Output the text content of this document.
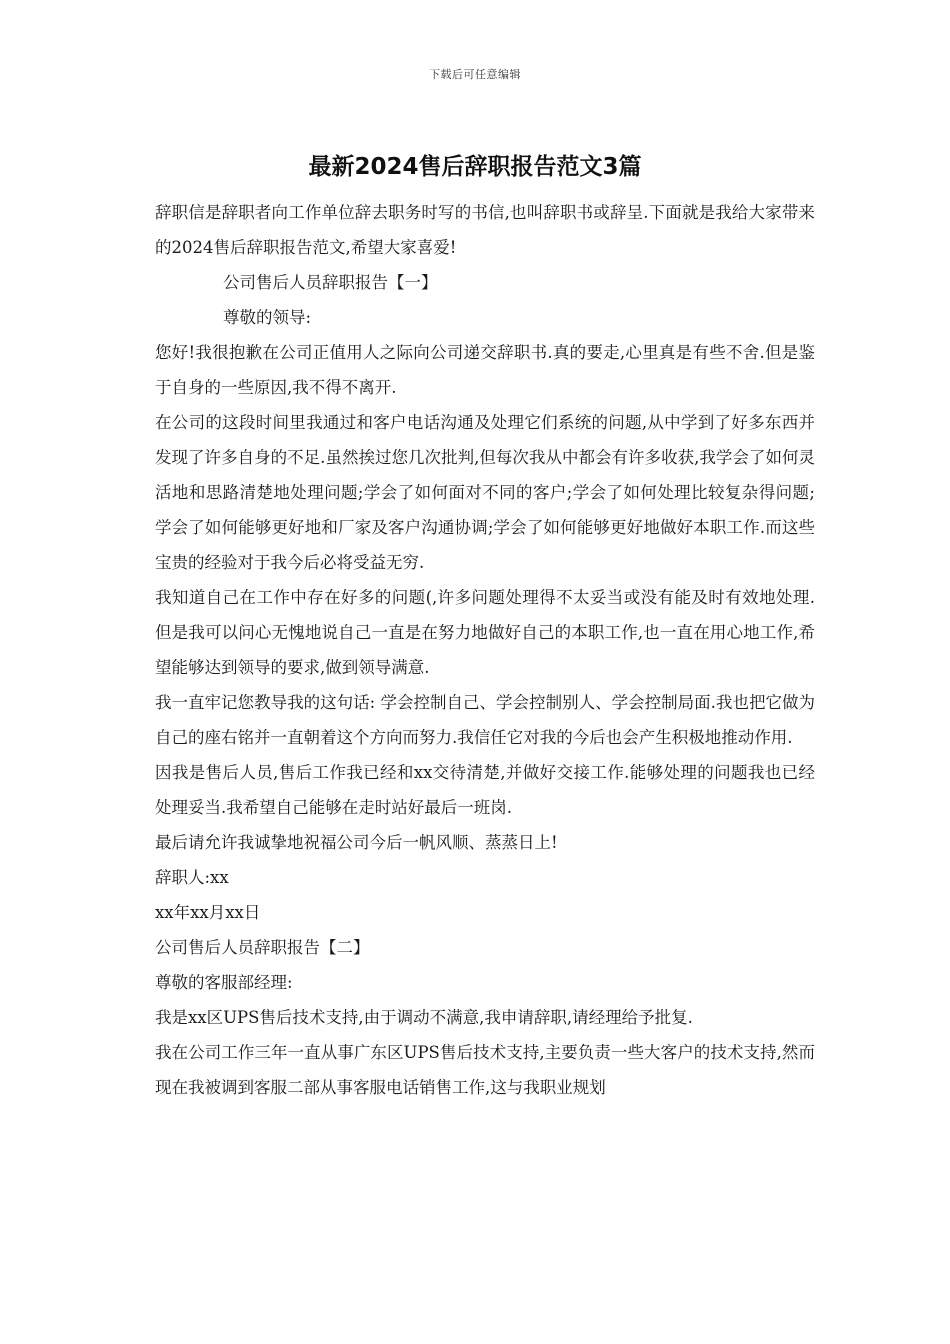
下载后可任意编辑
最新2024售后辞职报告范文3篇

辞职信是辞职者向工作单位辞去职务时写的书信,也叫辞职书或辞呈.下面就是我给大家带来的2024售后辞职报告范文,希望大家喜爱!

公司售后人员辞职报告【一】

尊敬的领导:

您好!我很抱歉在公司正值用人之际向公司递交辞职书.真的要走,心里真是有些不舍.但是鉴于自身的一些原因,我不得不离开.

在公司的这段时间里我通过和客户电话沟通及处理它们系统的问题,从中学到了好多东西并发现了许多自身的不足.虽然挨过您几次批判,但每次我从中都会有许多收获,我学会了如何灵活地和思路清楚地处理问题;学会了如何面对不同的客户;学会了如何处理比较复杂得问题;学会了如何能够更好地和厂家及客户沟通协调;学会了如何能够更好地做好本职工作.而这些宝贵的经验对于我今后必将受益无穷.

我知道自己在工作中存在好多的问题(,许多问题处理得不太妥当或没有能及时有效地处理.但是我可以问心无愧地说自己一直是在努力地做好自己的本职工作,也一直在用心地工作,希望能够达到领导的要求,做到领导满意.

我一直牢记您教导我的这句话: 学会控制自己、学会控制别人、学会控制局面.我也把它做为自己的座右铭并一直朝着这个方向而努力.我信任它对我的今后也会产生积极地推动作用.

因我是售后人员,售后工作我已经和xx交待清楚,并做好交接工作.能够处理的问题我也已经处理妥当.我希望自己能够在走时站好最后一班岗.

最后请允许我诚挚地祝福公司今后一帆风顺、蒸蒸日上!

辞职人:xx

xx年xx月xx日

公司售后人员辞职报告【二】

尊敬的客服部经理:

我是xx区UPS售后技术支持,由于调动不满意,我申请辞职,请经理给予批复.

我在公司工作三年一直从事广东区UPS售后技术支持,主要负责一些大客户的技术支持,然而现在我被调到客服二部从事客服电话销售工作,这与我职业规划
